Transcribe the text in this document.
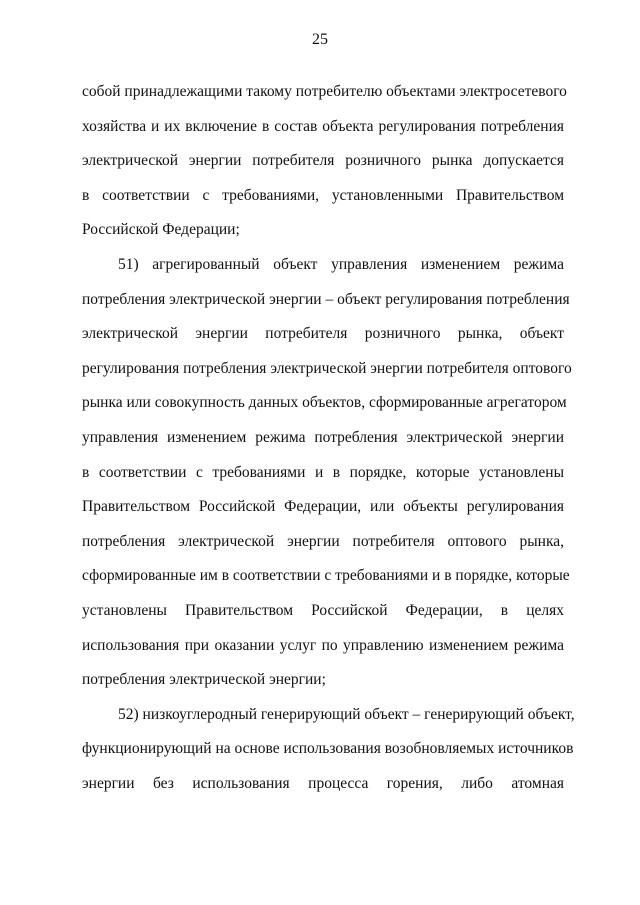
25
собой принадлежащими такому потребителю объектами электросетевого
хозяйства и их включение в состав объекта регулирования потребления
электрической энергии потребителя розничного рынка допускается
в соответствии с требованиями, установленными Правительством
Российской Федерации;
51) агрегированный объект управления изменением режима
потребления электрической энергии – объект регулирования потребления
электрической энергии потребителя розничного рынка, объект
регулирования потребления электрической энергии потребителя оптового
рынка или совокупность данных объектов, сформированные агрегатором
управления изменением режима потребления электрической энергии
в соответствии с требованиями и в порядке, которые установлены
Правительством Российской Федерации, или объекты регулирования
потребления электрической энергии потребителя оптового рынка,
сформированные им в соответствии с требованиями и в порядке, которые
установлены Правительством Российской Федерации, в целях
использования при оказании услуг по управлению изменением режима
потребления электрической энергии;
52) низкоуглеродный генерирующий объект – генерирующий объект,
функционирующий на основе использования возобновляемых источников
энергии без использования процесса горения, либо атомная
